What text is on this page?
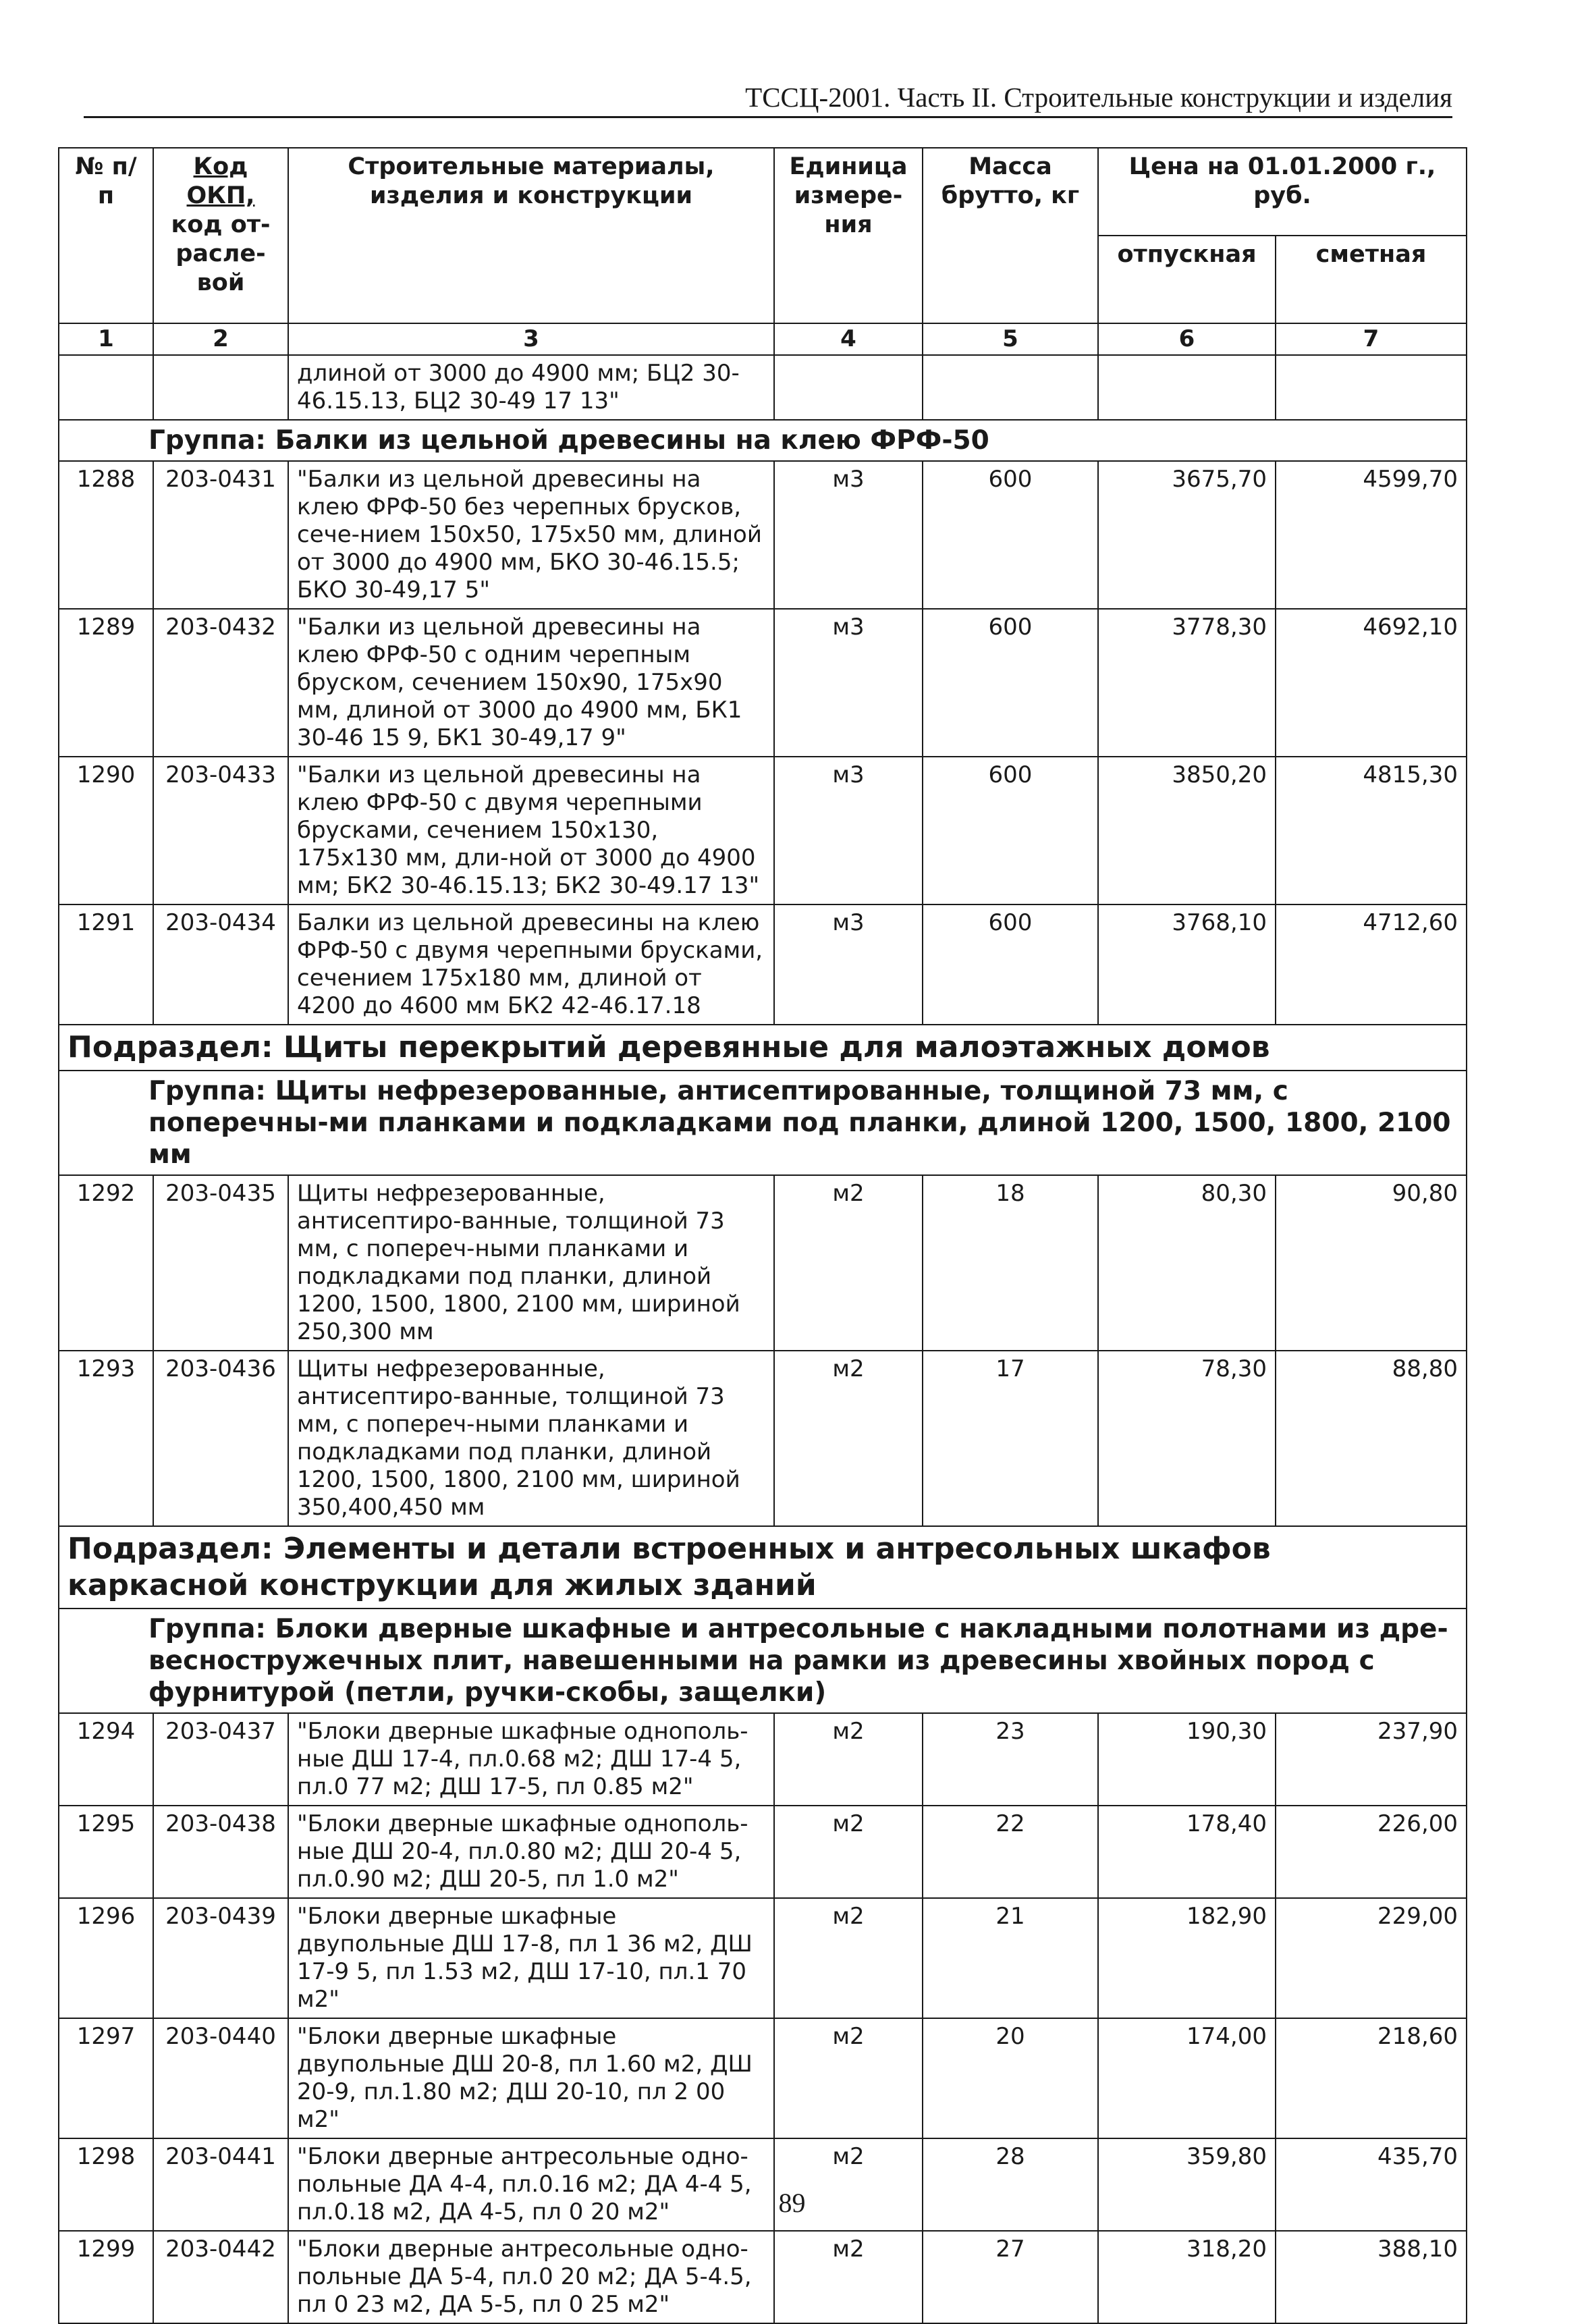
ТССЦ-2001. Часть II. Строительные конструкции и изделия
№ п/п	Код
ОКП,
код от-
расле-
вой	Строительные материалы, изделия и конструкции	Единица измере-ния	Масса брутто, кг	Цена на 01.01.2000 г., руб.	
					отпускная	сметная
1	2	3	4	5	6	7
		длиной от 3000 до 4900 мм; БЦ2 30-46.15.13, БЦ2 30-49 17 13"				

Группа: Балки из цельной древесины на клею ФРФ-50						

1288	203-0431	"Балки из цельной древесины на клею ФРФ-50 без черепных брусков, сече-нием 150х50, 175х50 мм, длиной от 3000 до 4900 мм, БКО 30-46.15.5; БКО 30-49,17 5"	м3	600	3675,70	4599,70
1289	203-0432	"Балки из цельной древесины на клею ФРФ-50 с одним черепным бруском, сечением 150х90, 175х90 мм, длиной от 3000 до 4900 мм, БК1 30-46 15 9, БК1 30-49,17 9"	м3	600	3778,30	4692,10
1290	203-0433	"Балки из цельной древесины на клею ФРФ-50 с двумя черепными брусками, сечением 150х130, 175х130 мм, дли-ной от 3000 до 4900 мм; БК2 30-46.15.13; БК2 30-49.17 13"	м3	600	3850,20	4815,30
1291	203-0434	Балки из цельной древесины на клею ФРФ-50 с двумя черепными брусками, сечением 175х180 мм, длиной от 4200 до 4600 мм БК2 42-46.17.18	м3	600	3768,10	4712,60

Подраздел: Щиты перекрытий деревянные для малоэтажных домов						

Группа: Щиты нефрезерованные, антисептированные, толщиной 73 мм, с поперечны-ми планками и подкладками под планки, длиной 1200, 1500, 1800, 2100 мм						

1292	203-0435	Щиты нефрезерованные, антисептиро-ванные, толщиной 73 мм, с попереч-ными планками и подкладками под планки, длиной 1200, 1500, 1800, 2100 мм, шириной 250,300 мм	м2	18	80,30	90,80
1293	203-0436	Щиты нефрезерованные, антисептиро-ванные, толщиной 73 мм, с попереч-ными планками и подкладками под планки, длиной 1200, 1500, 1800, 2100 мм, шириной 350,400,450 мм	м2	17	78,30	88,80

Подраздел: Элементы и детали встроенных и антресольных шкафов каркасной конструкции для жилых зданий						

Группа: Блоки дверные шкафные и антресольные с накладными полотнами из дре-весностружечных плит, навешенными на рамки из древесины хвойных пород с фурнитурой (петли, ручки-скобы, защелки)						

1294	203-0437	"Блоки дверные шкафные однополь-ные ДШ 17-4, пл.0.68 м2; ДШ 17-4 5, пл.0 77 м2; ДШ 17-5, пл 0.85 м2"	м2	23	190,30	237,90
1295	203-0438	"Блоки дверные шкафные однополь-ные ДШ 20-4, пл.0.80 м2; ДШ 20-4 5, пл.0.90 м2; ДШ 20-5, пл 1.0 м2"	м2	22	178,40	226,00
1296	203-0439	"Блоки дверные шкафные двупольные ДШ 17-8, пл 1 36 м2, ДШ 17-9 5, пл 1.53 м2, ДШ 17-10, пл.1 70 м2"	м2	21	182,90	229,00
1297	203-0440	"Блоки дверные шкафные двупольные ДШ 20-8, пл 1.60 м2, ДШ 20-9, пл.1.80 м2; ДШ 20-10, пл 2 00 м2"	м2	20	174,00	218,60
1298	203-0441	"Блоки дверные антресольные одно-польные ДА 4-4, пл.0.16 м2; ДА 4-4 5, пл.0.18 м2, ДА 4-5, пл 0 20 м2"	м2	28	359,80	435,70
1299	203-0442	"Блоки дверные антресольные одно-польные ДА 5-4, пл.0 20 м2; ДА 5-4.5, пл 0 23 м2, ДА 5-5, пл 0 25 м2"	м2	27	318,20	388,10
89
